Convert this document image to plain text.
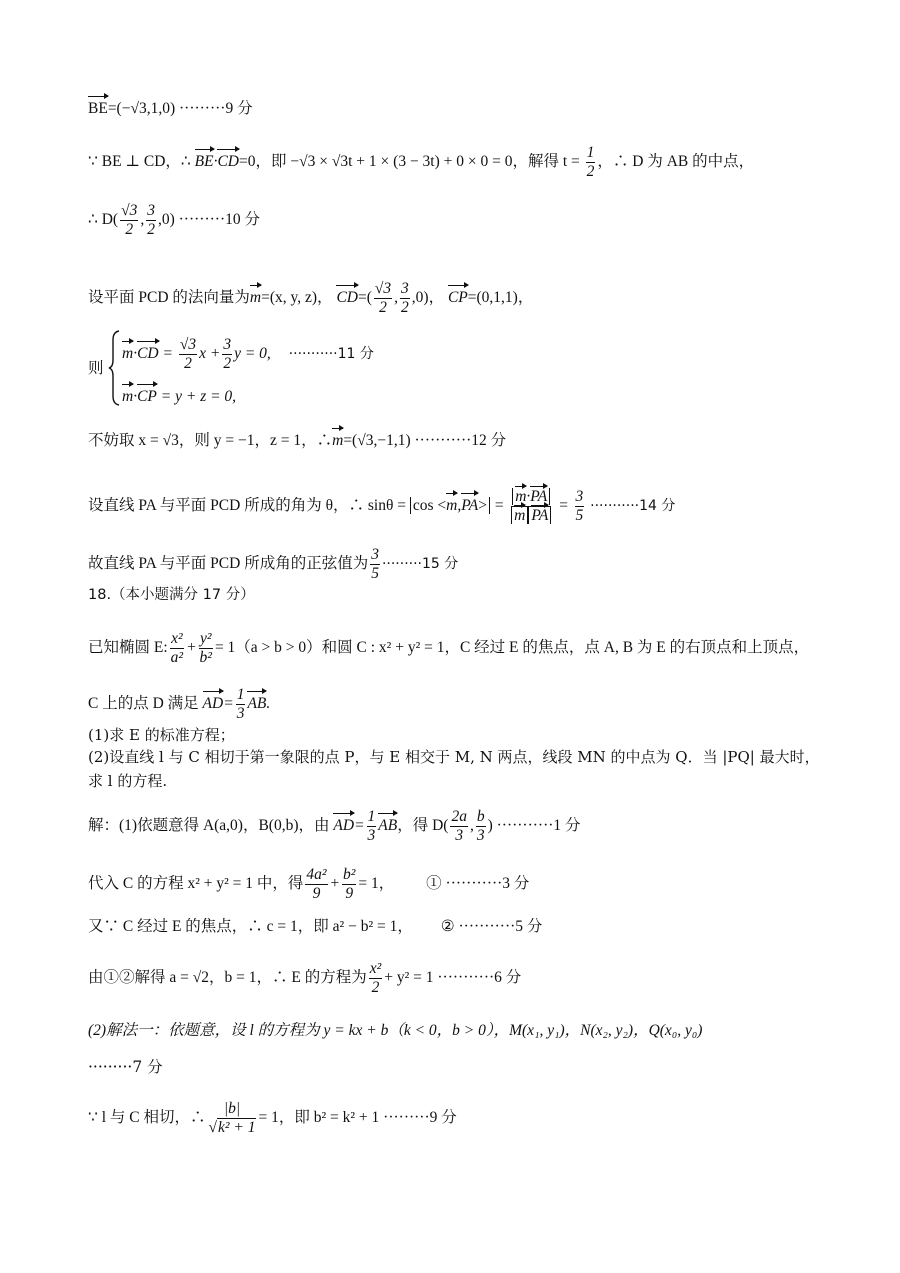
BE=(−√3,1,0) ·········9 分
∵ BE ⊥ CD，∴ BE·CD=0，即 −√3 × √3t + 1 × (3 − 3t) + 0 × 0 = 0，解得 $t = \frac{1}{2}$ ，∴ D 为 AB 的中点，
∴ $D( \frac{√3}{2}$ , $\frac{3}{2} ,0) \cdot\cdot\cdot\cdot\cdot\cdot\cdot\cdot\cdot 10$ 分
设平面 PCD 的法向量为m=(x, y, z)， $CD=( \frac{√3}{2}$ , $\frac{3}{2} ,0$)， CP=(0,1,1)，
则
$m\cdot CD = \frac{√3}{2}$ $x + \frac{3}{2}$ y = 0, ···········11 分
m·CP = y + z = 0,
不妨取 x = √3，则 y = −1，z = 1，∴m=(√3,−1,1) ···········12 分
设直线 PA 与平面 PCD 所成的角为 θ，∴ $\sin\theta = \cos <m,PA> = \frac{m\cdot PA}{\text{m PA}} = \frac{3}{5} \cdot\cdot\cdot\cdot\cdot\cdot\cdot\cdot\cdot\cdot\cdot 14$ 分
故直线 PA 与平面 PCD 所成角的正弦值为 $\frac{3}{5} \cdot\cdot\cdot\cdot\cdot\cdot\cdot\cdot\cdot 15$ 分
18.（本小题满分 17 分）
已知椭圆 E: $\frac{\text{x²}}{\text{a²}} + \frac{\text{y²}}{\text{b²}} = 1(a > b > 0)$和圆 C : x² + y² = 1，C 经过 E 的焦点，点 A, B 为 E 的右顶点和上顶点，
C 上的点 D 满足 $AD= \frac{1}{3}$ AB.
(1)求 E 的标准方程；
(2)设直线 l 与 C 相切于第一象限的点 P，与 E 相交于 M, N 两点，线段 MN 的中点为 Q．当 |PQ| 最大时，
求 l 的方程.
解：(1)依题意得 A(a,0)，B(0,b)，由 $AD= \frac{1}{3}$ AB，得 $D( \frac{2a}{3}$ , $\frac{b}{3}$ ) ···········1 分
代入 C 的方程 x² + y² = 1 中，得 $\frac{\text{4a²}}{9} + \frac{\text{b²}}{9} = 1$， ① ···········3 分
又∵ C 经过 E 的焦点，∴ c = 1，即 a² − b² = 1， ② ···········5 分
由①②解得 a = √2，b = 1，∴ E 的方程为 $\frac{\text{x²}}{2} + y^2 = 1 \cdot\cdot\cdot\cdot\cdot\cdot\cdot\cdot\cdot\cdot\cdot 6$ 分
(2)解法一：依题意，设 l 的方程为 y = kx + b（k < 0，b > 0），M(x₁, y₁)，N(x₂, y₂)，Q(x₀, y₀)
·········7 分
∵ l 与 C 相切，∴ $\frac{|b|}{\text{√k² + 1}} = 1$，即 b² = k² + 1 ·········9 分
